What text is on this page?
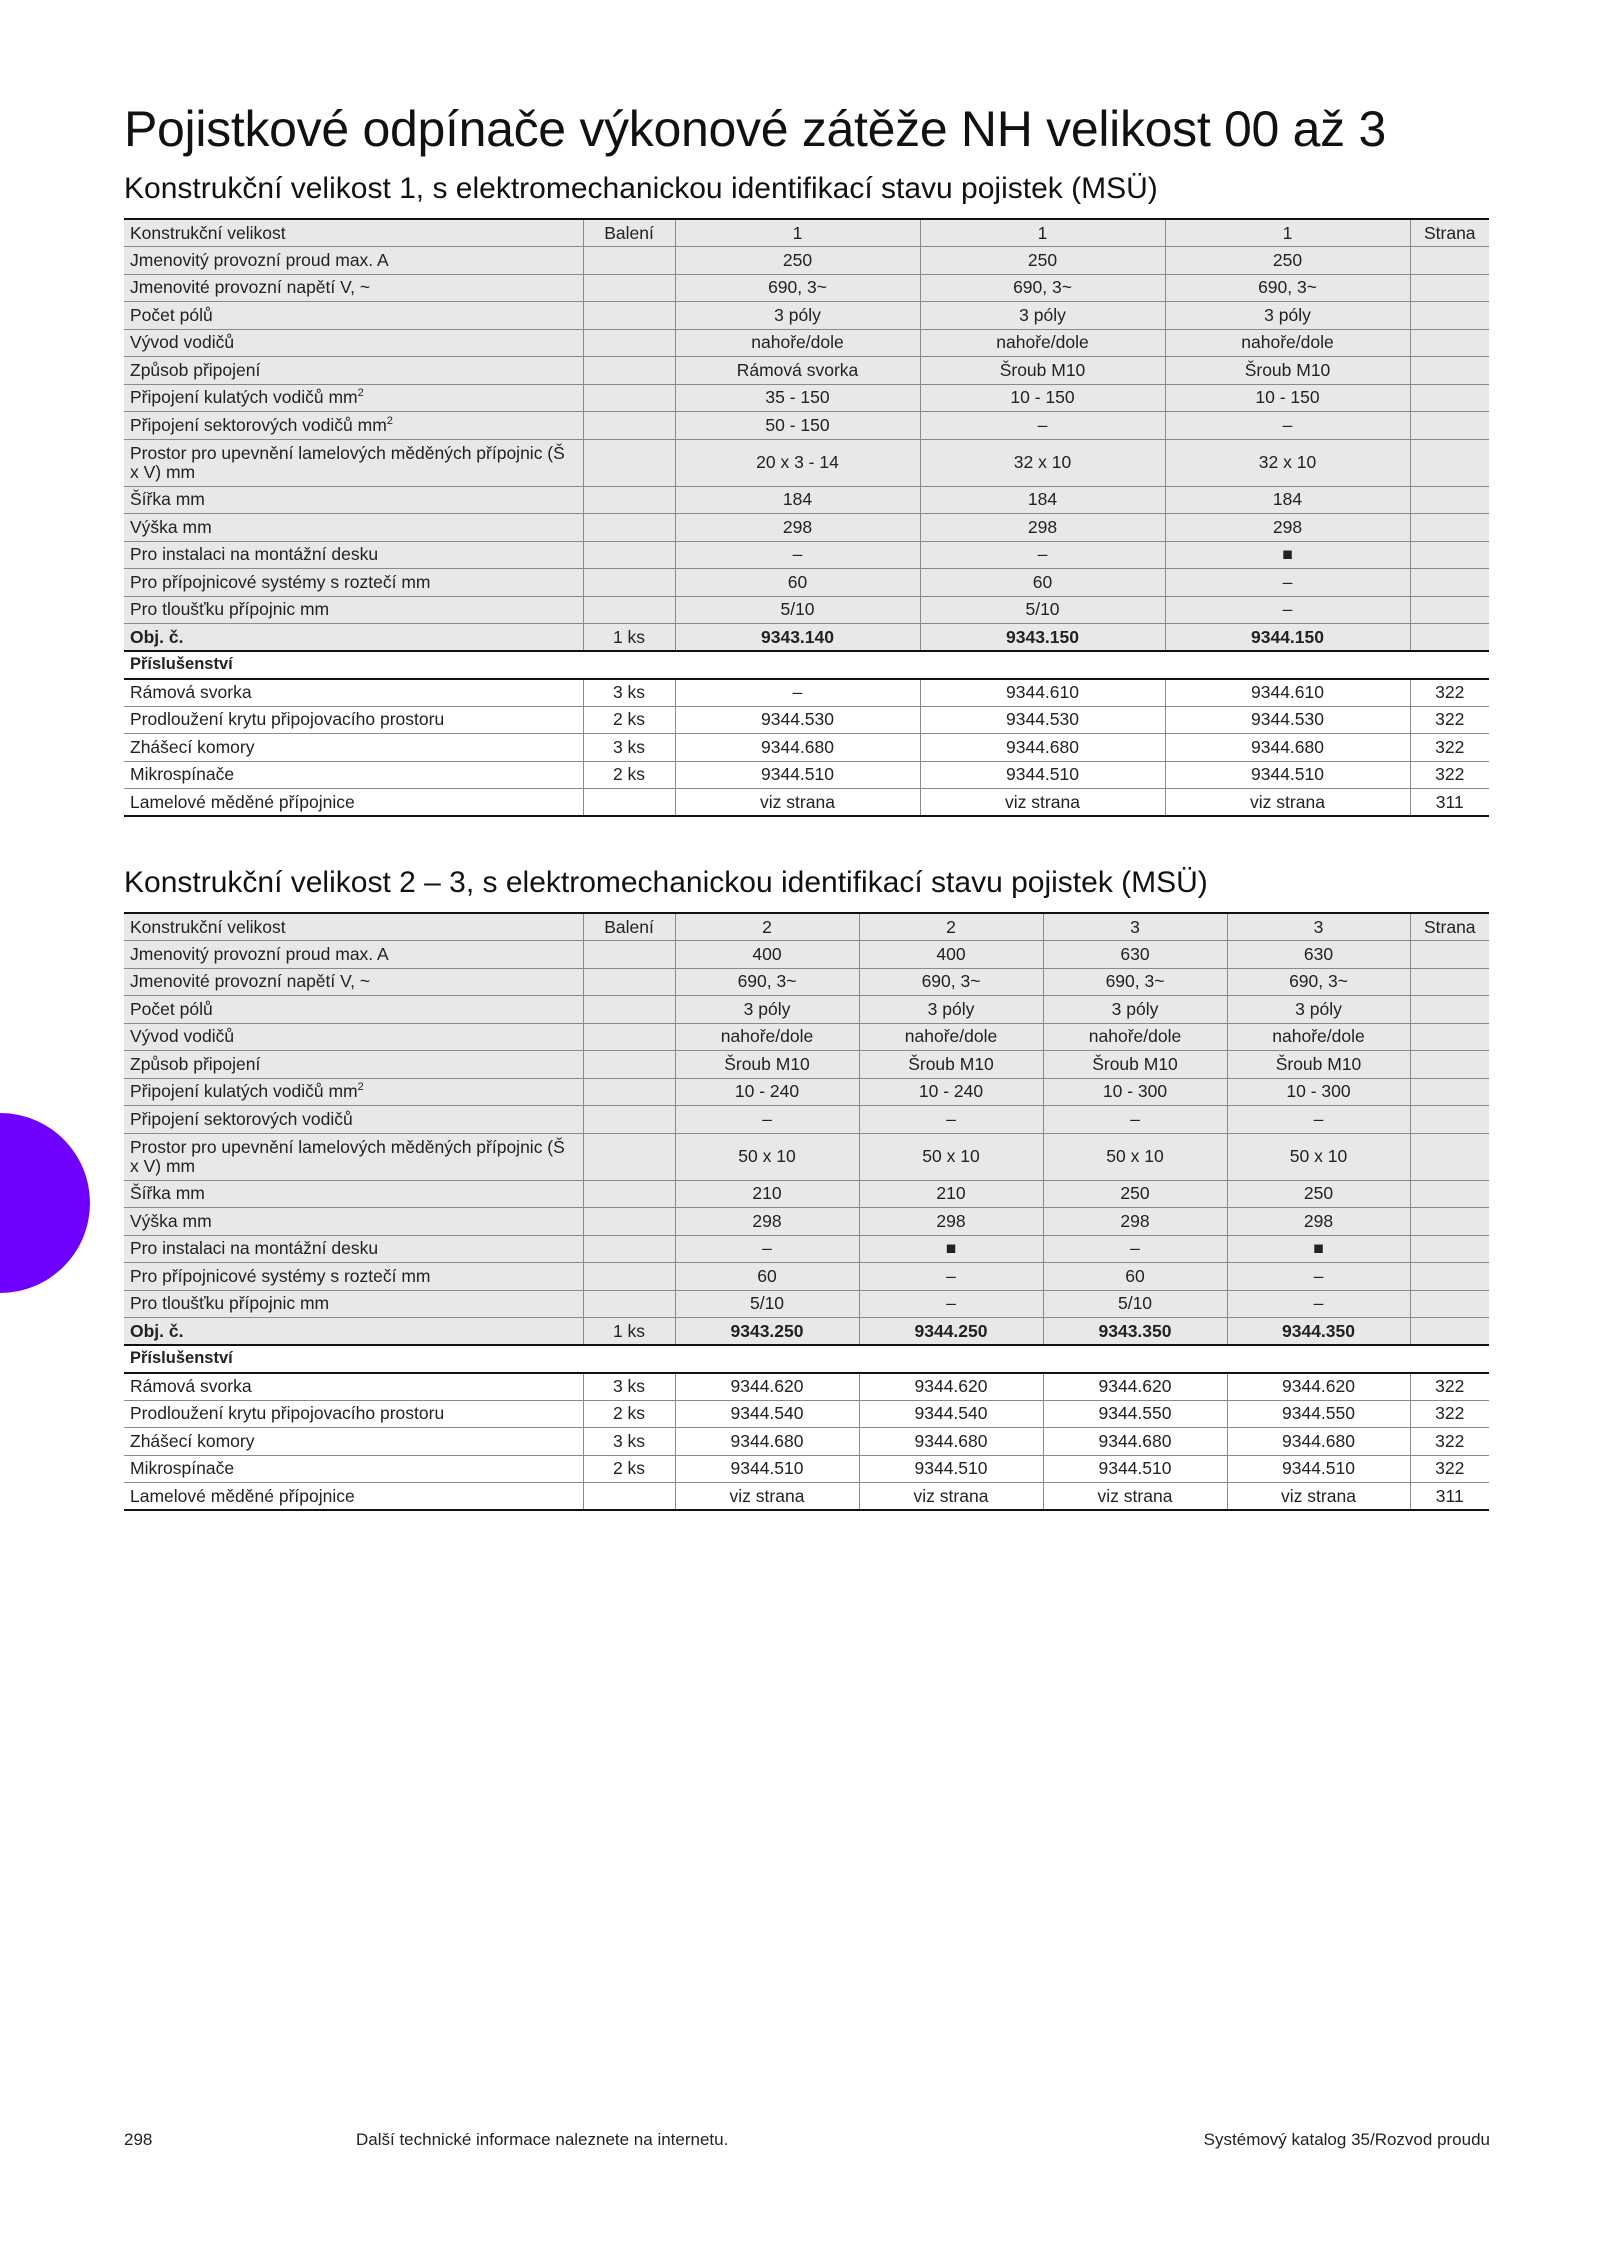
Pojistkové odpínače výkonové zátěže NH velikost 00 až 3
Konstrukční velikost 1, s elektromechanickou identifikací stavu pojistek (MSÜ)
Konstrukční velikost	Balení	1	1	1	Strana
Jmenovitý provozní proud max. A		250	250	250	
Jmenovité provozní napětí V, ~		690, 3~	690, 3~	690, 3~	
Počet pólů		3 póly	3 póly	3 póly	
Vývod vodičů		nahoře/dole	nahoře/dole	nahoře/dole	
Způsob připojení		Rámová svorka	Šroub M10	Šroub M10	
Připojení kulatých vodičů $mm^2$		35 - 150	10 - 150	10 - 150	
Připojení sektorových vodičů $mm^2$		50 - 150	–	–	
Prostor pro upevnění lamelových měděných přípojnic (Š x V) mm		20 x 3 - 14	32 x 10	32 x 10	
Šířka mm		184	184	184	
Výška mm		298	298	298	
Pro instalaci na montážní desku		–	–	■	
Pro přípojnicové systémy s roztečí mm		60	60	–	
Pro tloušťku přípojnic mm		5/10	5/10	–	
Obj. č.	1 ks	9343.140	9343.150	9344.150	
Příslušenství					
Rámová svorka	3 ks	–	9344.610	9344.610	322
Prodloužení krytu připojovacího prostoru	2 ks	9344.530	9344.530	9344.530	322
Zhášecí komory	3 ks	9344.680	9344.680	9344.680	322
Mikrospínače	2 ks	9344.510	9344.510	9344.510	322
Lamelové měděné přípojnice		viz strana	viz strana	viz strana	311
Konstrukční velikost 2 – 3, s elektromechanickou identifikací stavu pojistek (MSÜ)
Konstrukční velikost	Balení	2	2	3	3	Strana
Jmenovitý provozní proud max. A		400	400	630	630	
Jmenovité provozní napětí V, ~		690, 3~	690, 3~	690, 3~	690, 3~	
Počet pólů		3 póly	3 póly	3 póly	3 póly	
Vývod vodičů		nahoře/dole	nahoře/dole	nahoře/dole	nahoře/dole	
Způsob připojení		Šroub M10	Šroub M10	Šroub M10	Šroub M10	
Připojení kulatých vodičů $mm^2$		10 - 240	10 - 240	10 - 300	10 - 300	
Připojení sektorových vodičů		–	–	–	–	
Prostor pro upevnění lamelových měděných přípojnic (Š x V) mm		50 x 10	50 x 10	50 x 10	50 x 10	
Šířka mm		210	210	250	250	
Výška mm		298	298	298	298	
Pro instalaci na montážní desku		–	■	–	■	
Pro přípojnicové systémy s roztečí mm		60	–	60	–	
Pro tloušťku přípojnic mm		5/10	–	5/10	–	
Obj. č.	1 ks	9343.250	9344.250	9343.350	9344.350	
Příslušenství						
Rámová svorka	3 ks	9344.620	9344.620	9344.620	9344.620	322
Prodloužení krytu připojovacího prostoru	2 ks	9344.540	9344.540	9344.550	9344.550	322
Zhášecí komory	3 ks	9344.680	9344.680	9344.680	9344.680	322
Mikrospínače	2 ks	9344.510	9344.510	9344.510	9344.510	322
Lamelové měděné přípojnice		viz strana	viz strana	viz strana	viz strana	311

298	Další technické informace naleznete na internetu.	Systémový katalog 35/Rozvod proudu
